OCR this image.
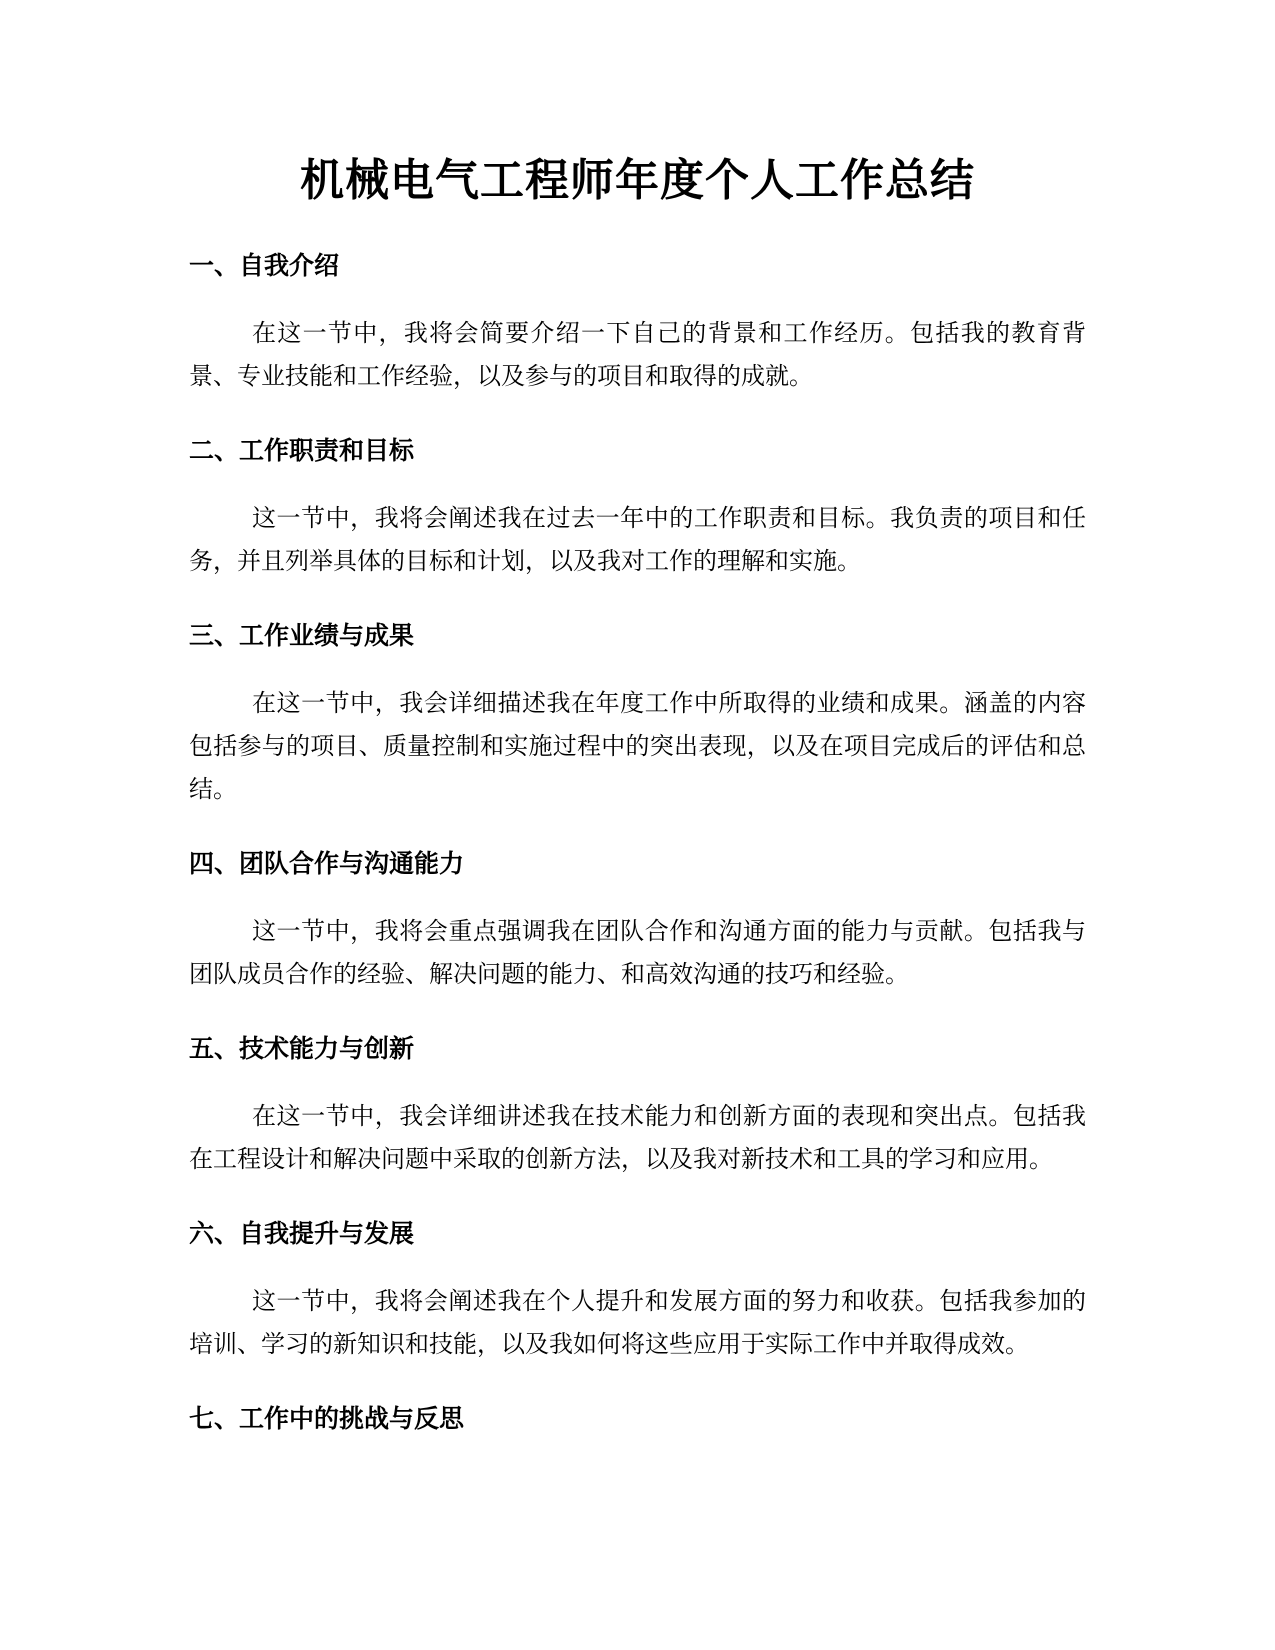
机械电气工程师年度个人工作总结
一、自我介绍

在这一节中，我将会简要介绍一下自己的背景和工作经历。包括我的教育背景、专业技能和工作经验，以及参与的项目和取得的成就。

二、工作职责和目标

这一节中，我将会阐述我在过去一年中的工作职责和目标。我负责的项目和任务，并且列举具体的目标和计划，以及我对工作的理解和实施。

三、工作业绩与成果

在这一节中，我会详细描述我在年度工作中所取得的业绩和成果。涵盖的内容包括参与的项目、质量控制和实施过程中的突出表现，以及在项目完成后的评估和总结。

四、团队合作与沟通能力

这一节中，我将会重点强调我在团队合作和沟通方面的能力与贡献。包括我与团队成员合作的经验、解决问题的能力、和高效沟通的技巧和经验。

五、技术能力与创新

在这一节中，我会详细讲述我在技术能力和创新方面的表现和突出点。包括我在工程设计和解决问题中采取的创新方法，以及我对新技术和工具的学习和应用。

六、自我提升与发展

这一节中，我将会阐述我在个人提升和发展方面的努力和收获。包括我参加的培训、学习的新知识和技能，以及我如何将这些应用于实际工作中并取得成效。

七、工作中的挑战与反思
